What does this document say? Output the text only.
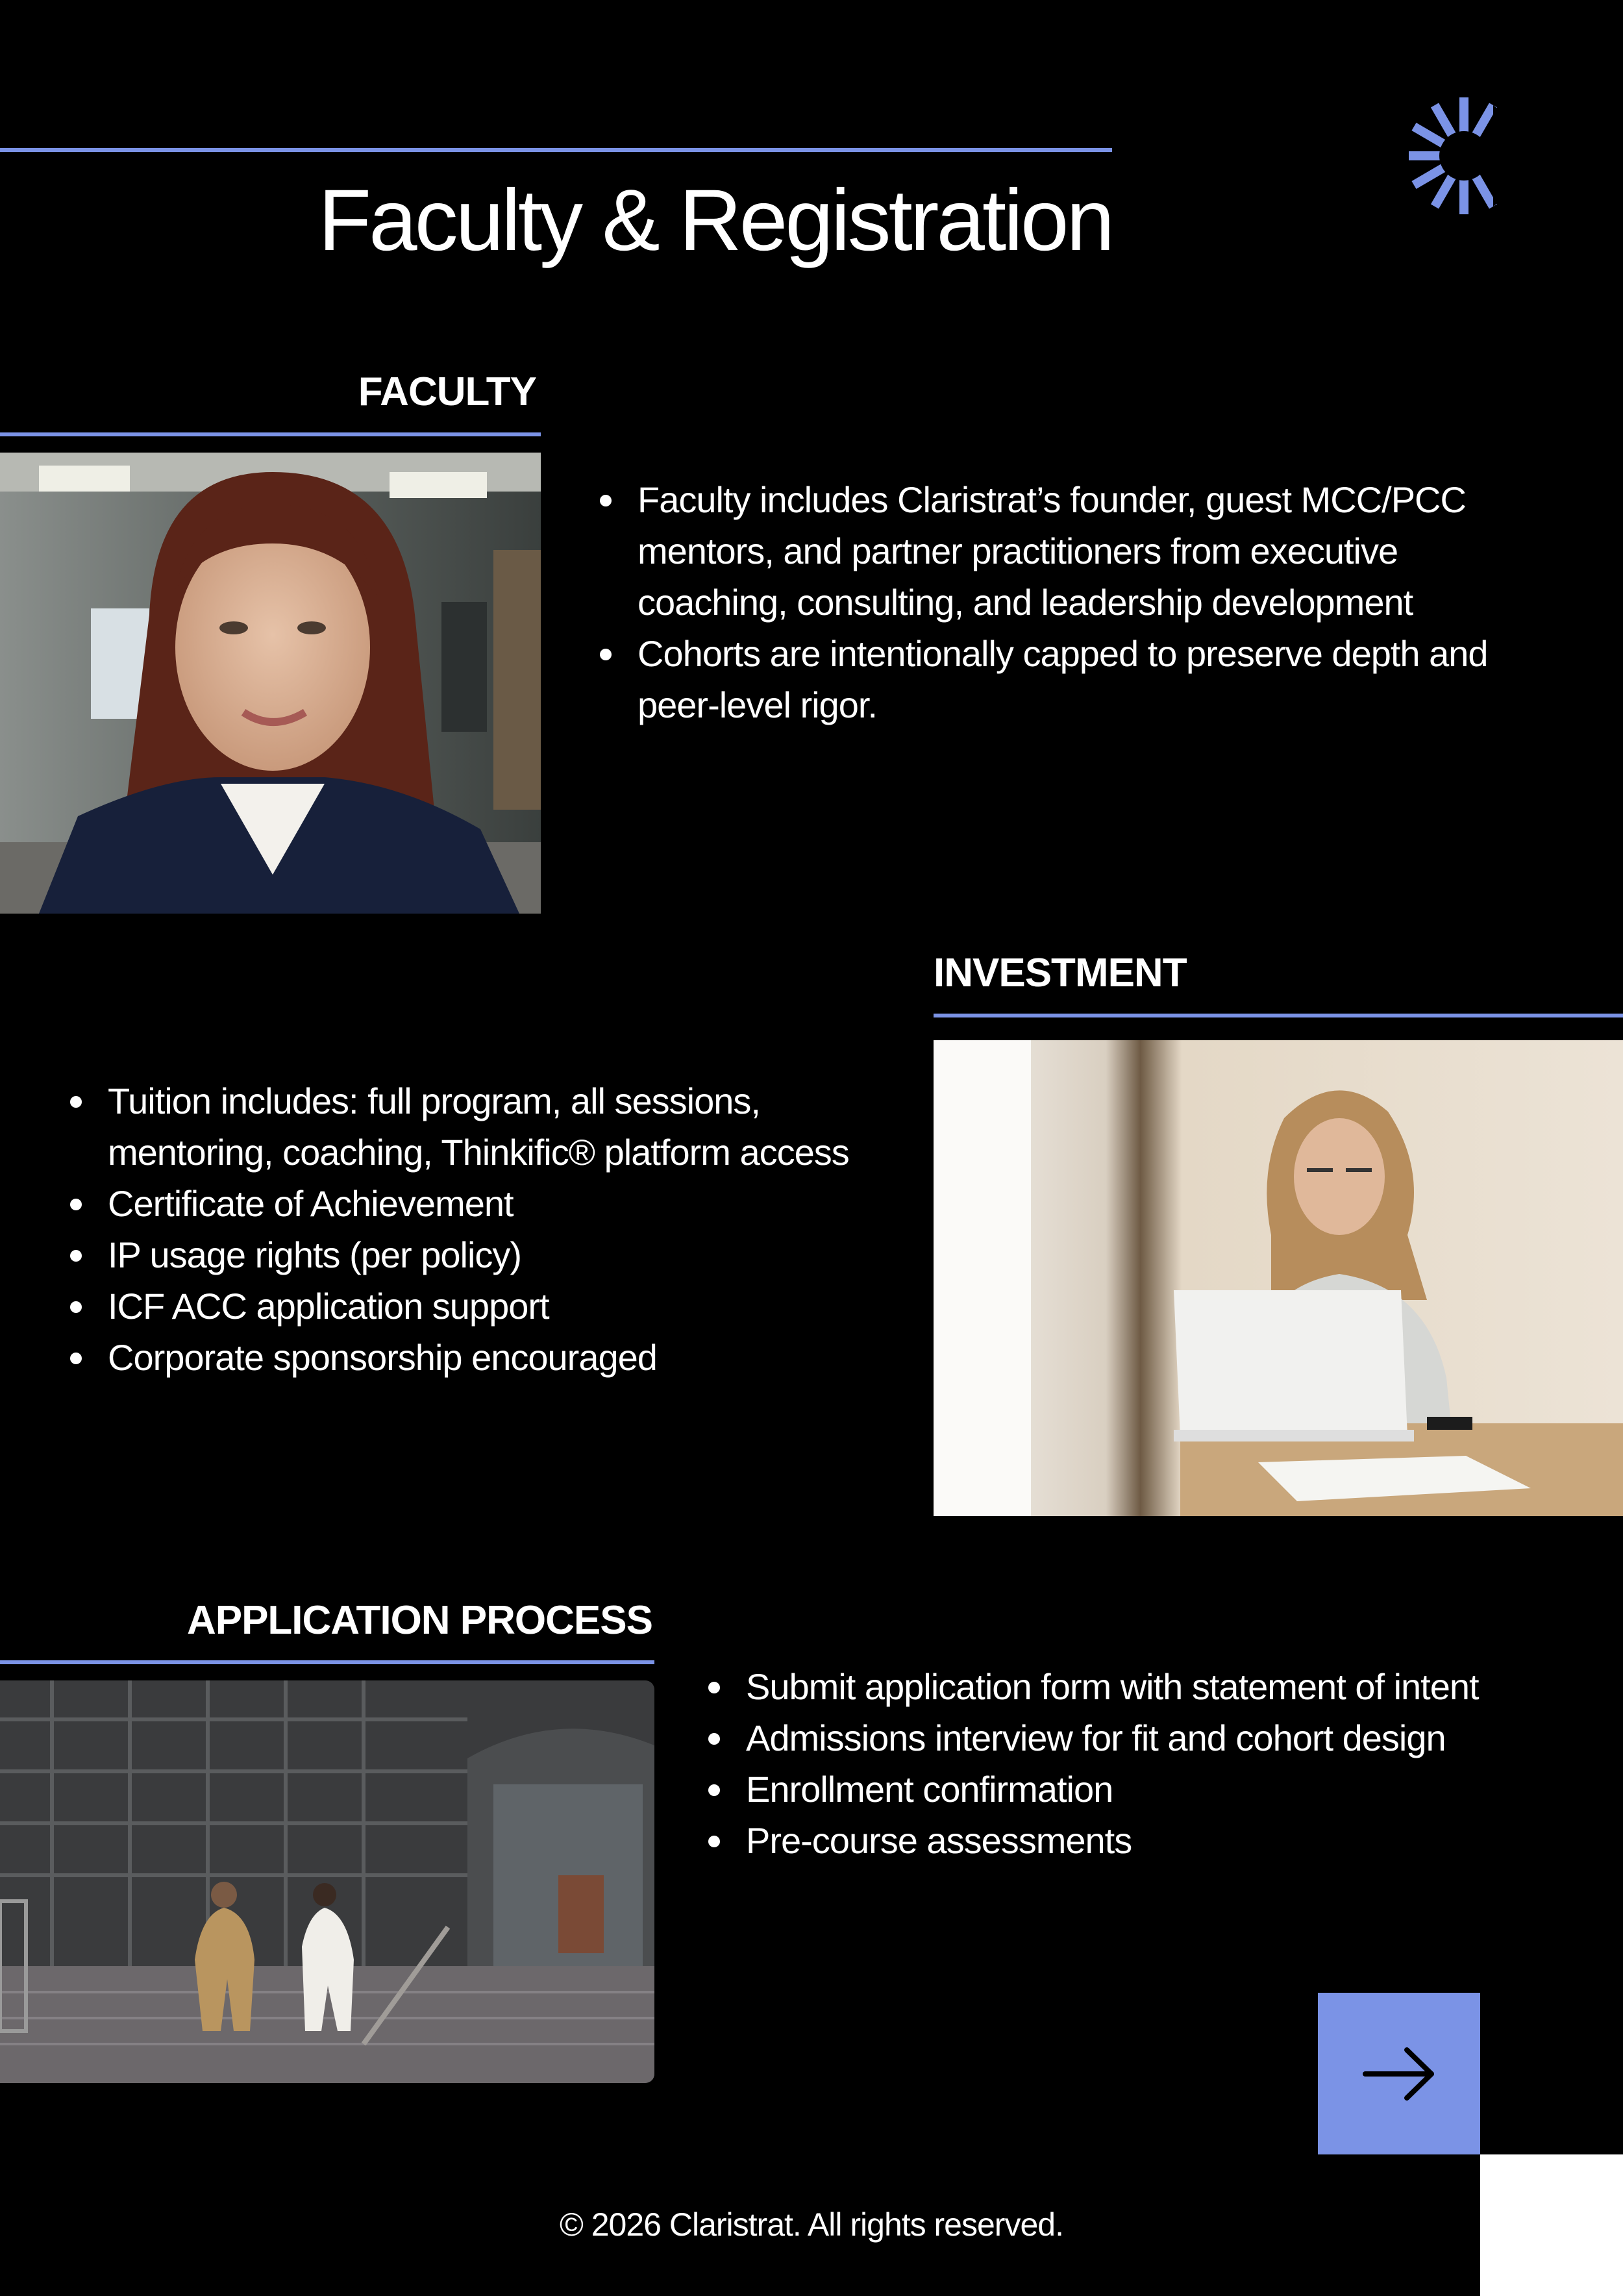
Faculty & Registration
FACULTY
Faculty includes Claristrat’s founder, guest MCC/PCC mentors, and partner practitioners from executive coaching, consulting, and leadership development
Cohorts are intentionally capped to preserve depth and peer-level rigor.
INVESTMENT
Tuition includes: full program, all sessions, mentoring, coaching, Thinkific® platform access
Certificate of Achievement
IP usage rights (per policy)
ICF ACC application support
Corporate sponsorship encouraged
APPLICATION PROCESS
Submit application form with statement of intent
Admissions interview for fit and cohort design
Enrollment confirmation
Pre-course assessments
© 2026 Claristrat. All rights reserved.
